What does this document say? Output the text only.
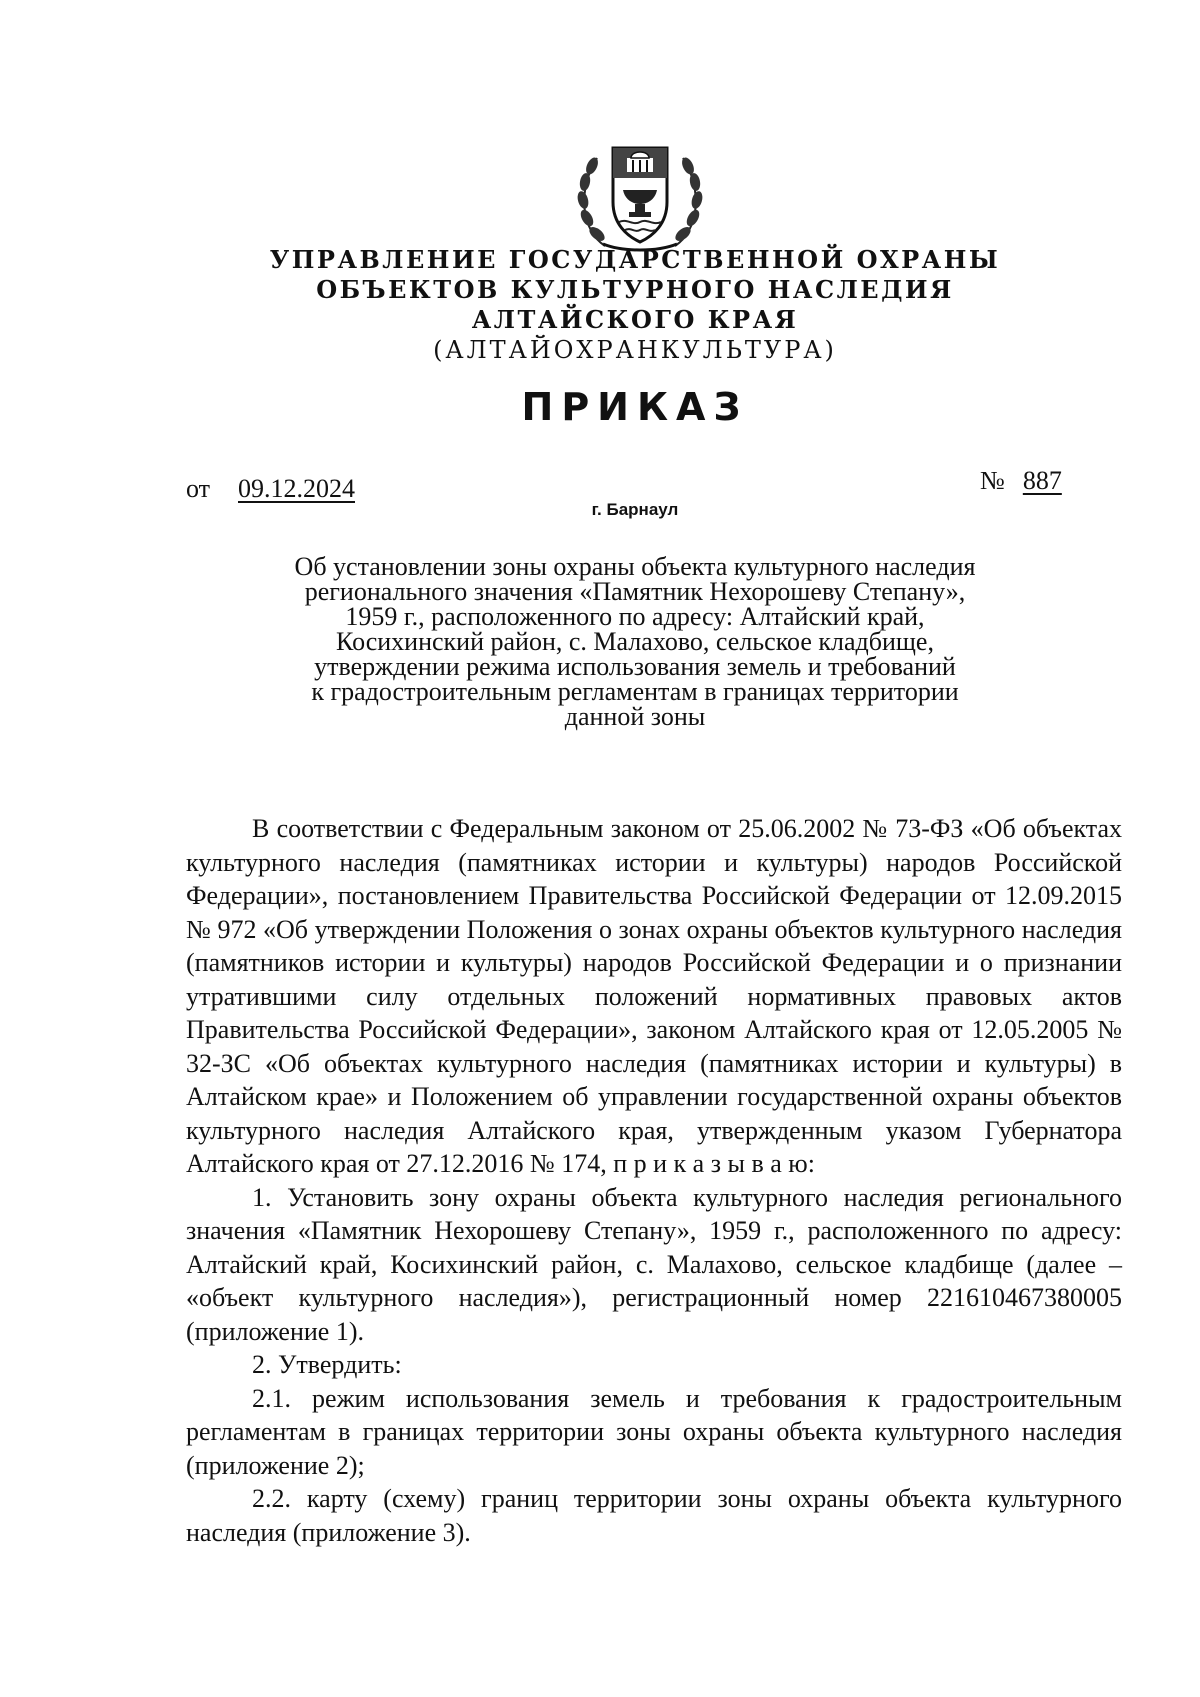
УПРАВЛЕНИЕ ГОСУДАРСТВЕННОЙ ОХРАНЫ
ОБЪЕКТОВ КУЛЬТУРНОГО НАСЛЕДИЯ
АЛТАЙСКОГО КРАЯ
(АЛТАЙОХРАНКУЛЬТУРА)
ПРИКАЗ
от 09.12.2024	№ 887
г. Барнаул
Об установлении зоны охраны объекта культурного наследия
регионального значения «Памятник Нехорошеву Степану»,
1959 г., расположенного по адресу: Алтайский край,
Косихинский район, с. Малахово, сельское кладбище,
утверждении режима использования земель и требований
к градостроительным регламентам в границах территории
данной зоны

В соответствии с Федеральным законом от 25.06.2002 № 73-ФЗ «Об объектах культурного наследия (памятниках истории и культуры) народов Российской Федерации», постановлением Правительства Российской Федерации от 12.09.2015 № 972 «Об утверждении Положения о зонах охраны объектов культурного наследия (памятников истории и культуры) народов Российской Федерации и о признании утратившими силу отдельных положений нормативных правовых актов Правительства Российской Федерации», законом Алтайского края от 12.05.2005 № 32-ЗС «Об объектах культурного наследия (памятниках истории и культуры) в Алтайском крае» и Положением об управлении государственной охраны объектов культурного наследия Алтайского края, утвержденным указом Губернатора Алтайского края от 27.12.2016 № 174, п р и к а з ы в а ю:

1. Установить зону охраны объекта культурного наследия регионального значения «Памятник Нехорошеву Степану», 1959 г., расположенного по адресу: Алтайский край, Косихинский район, с. Малахово, сельское кладбище (далее – «объект культурного наследия»), регистрационный номер 221610467380005 (приложение 1).

2. Утвердить:

2.1. режим использования земель и требования к градостроительным регламентам в границах территории зоны охраны объекта культурного наследия (приложение 2);

2.2. карту (схему) границ территории зоны охраны объекта культурного наследия (приложение 3).
